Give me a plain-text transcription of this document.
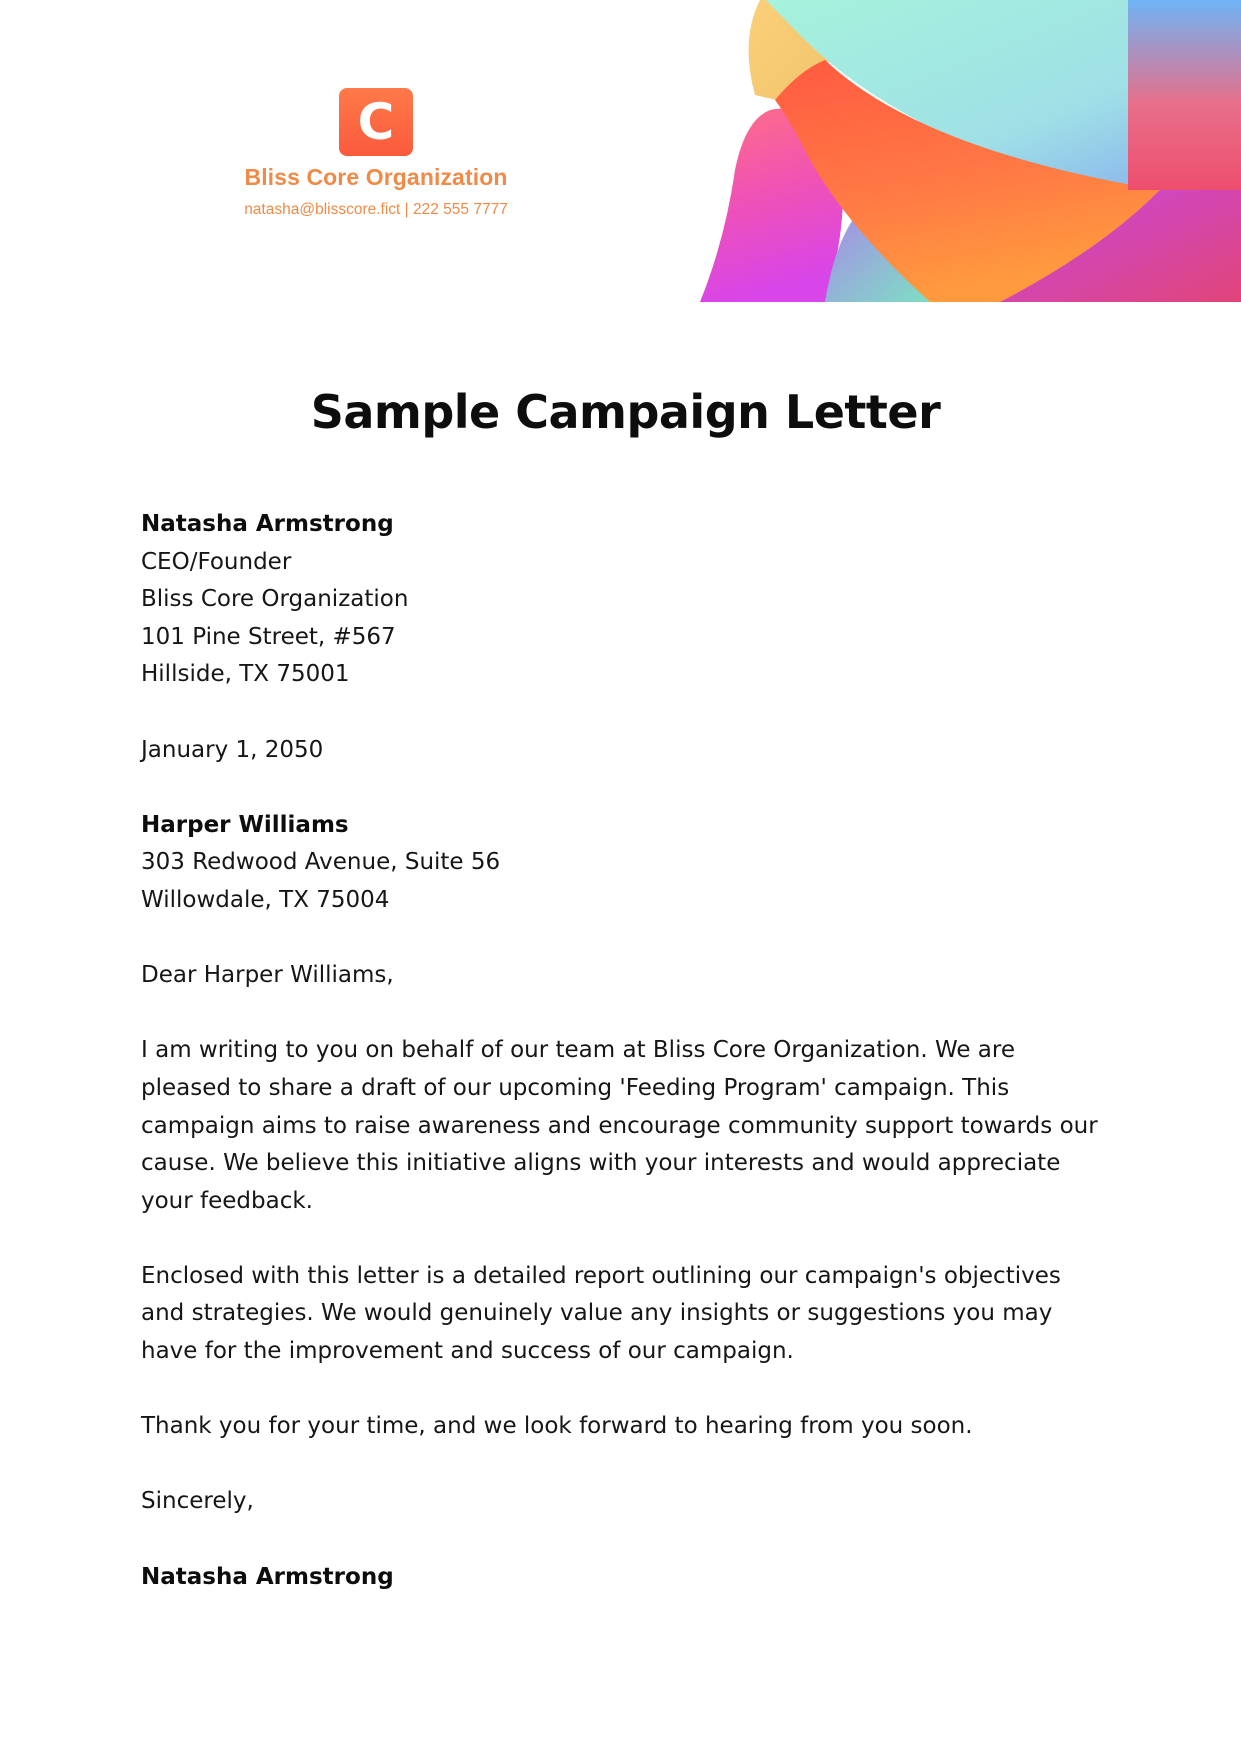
C
Bliss Core Organization
natasha@blisscore.fict | 222 555 7777
Sample Campaign Letter

Natasha Armstrong

CEO/Founder

Bliss Core Organization

101 Pine Street, #567

Hillside, TX 75001

January 1, 2050

Harper Williams

303 Redwood Avenue, Suite 56

Willowdale, TX 75004

Dear Harper Williams,

I am writing to you on behalf of our team at Bliss Core Organization. We are pleased to share a draft of our upcoming 'Feeding Program' campaign. This campaign aims to raise awareness and encourage community support towards our cause. We believe this initiative aligns with your interests and would appreciate your feedback.

Enclosed with this letter is a detailed report outlining our campaign's objectives and strategies. We would genuinely value any insights or suggestions you may have for the improvement and success of our campaign.

Thank you for your time, and we look forward to hearing from you soon.

Sincerely,

Natasha Armstrong
